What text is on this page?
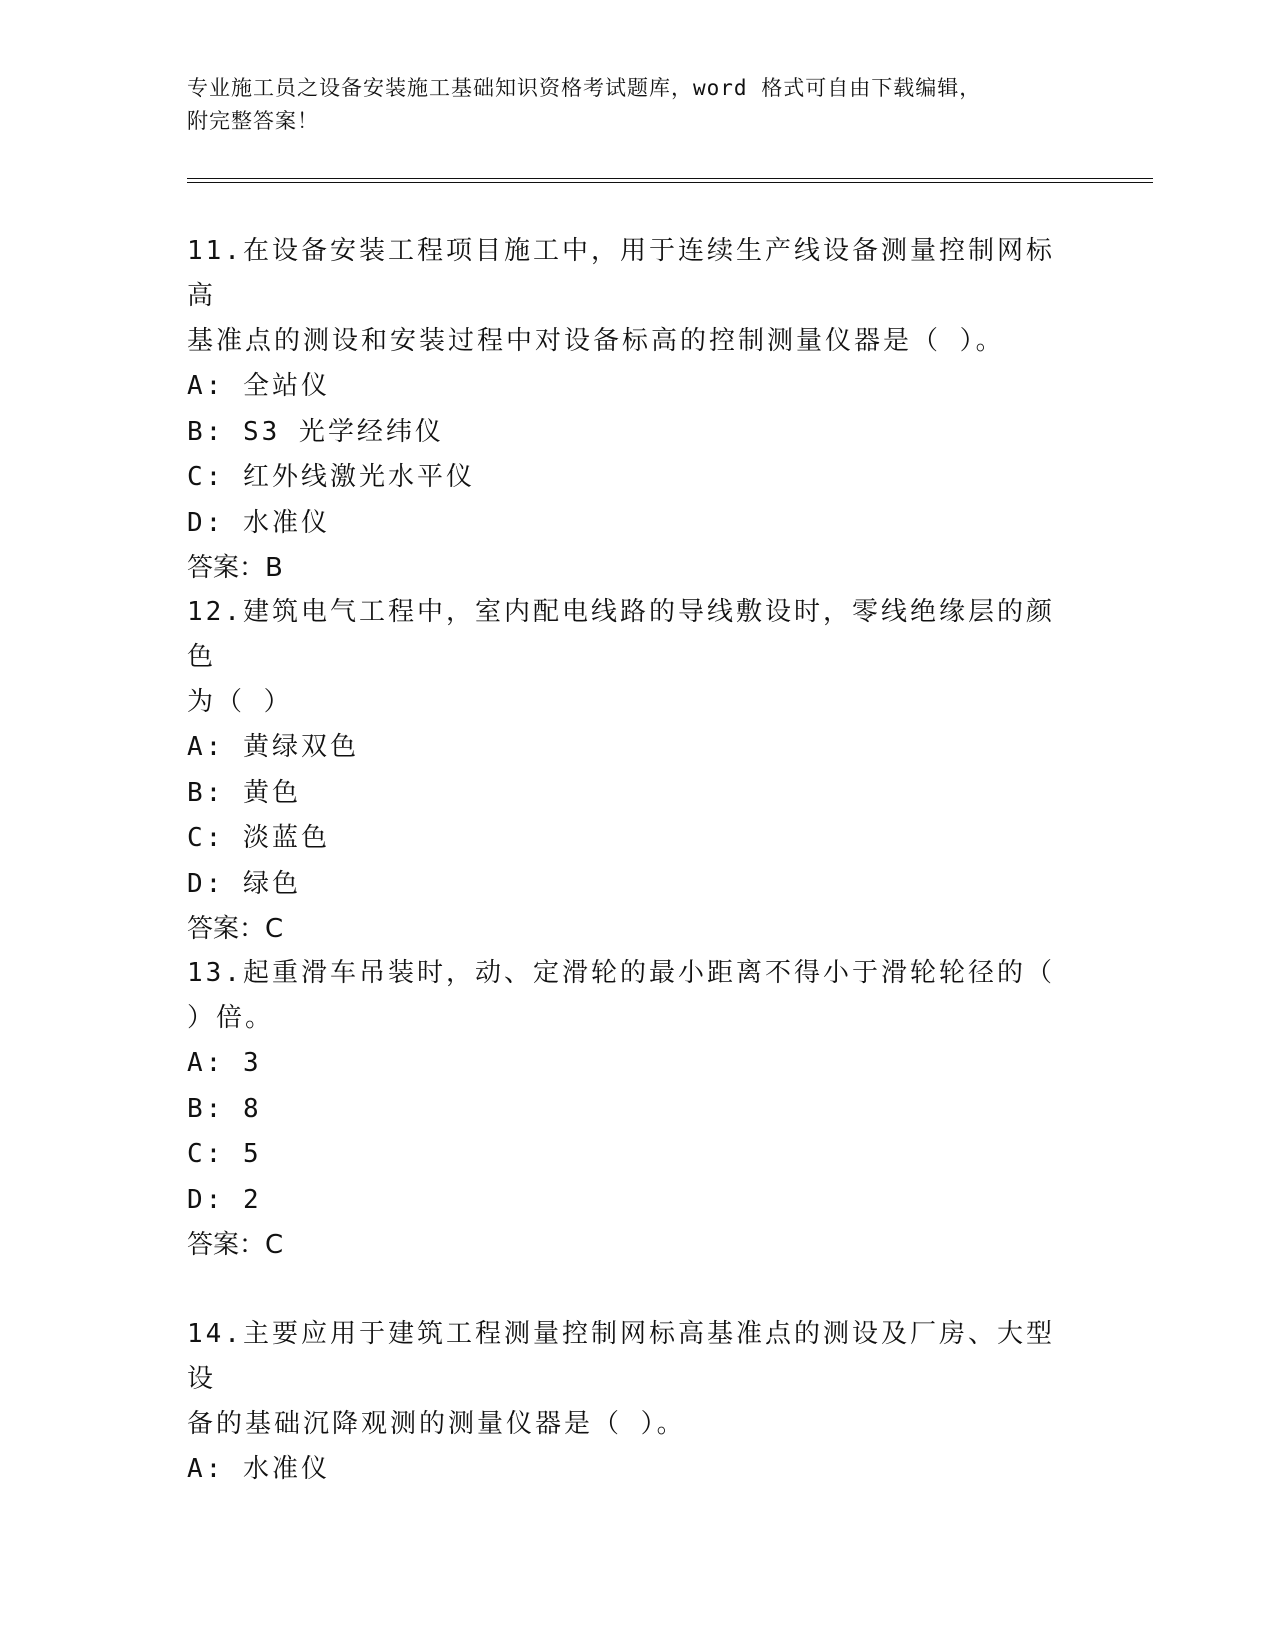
专业施工员之设备安装施工基础知识资格考试题库，word 格式可自由下载编辑，
附完整答案！

11.在设备安装工程项目施工中，用于连续生产线设备测量控制网标高

基准点的测设和安装过程中对设备标高的控制测量仪器是（ ）。

A: 全站仪

B: S3 光学经纬仪

C: 红外线激光水平仪

D: 水准仪

答案：B

12.建筑电气工程中，室内配电线路的导线敷设时，零线绝缘层的颜色

为（ ）

A: 黄绿双色

B: 黄色

C: 淡蓝色

D: 绿色

答案：C

13.起重滑车吊装时，动、定滑轮的最小距离不得小于滑轮轮径的（

）倍。

A: 3

B: 8

C: 5

D: 2

答案：C

14.主要应用于建筑工程测量控制网标高基准点的测设及厂房、大型设

备的基础沉降观测的测量仪器是（ ）。

A: 水准仪
